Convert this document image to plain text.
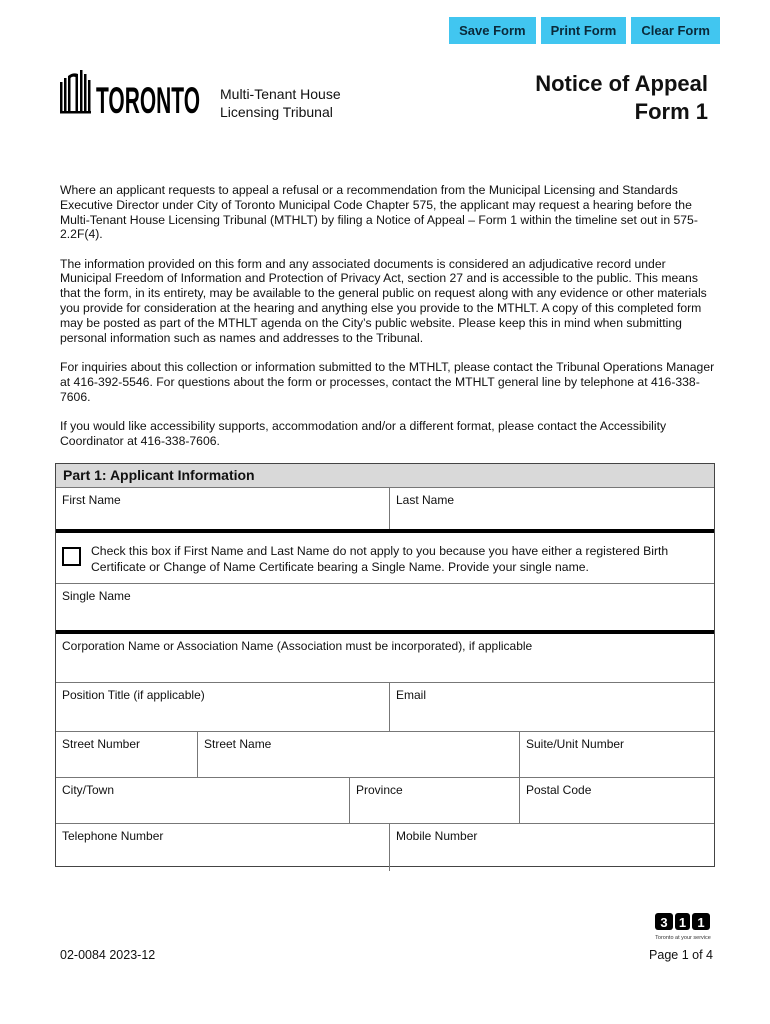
Save Form	Print Form	Clear Form
TORONTO Multi-Tenant House
Licensing Tribunal
Notice of Appeal
Form 1

Where an applicant requests to appeal a refusal or a recommendation from the Municipal Licensing and Standards Executive Director under City of Toronto Municipal Code Chapter 575, the applicant may request a hearing before the Multi-Tenant House Licensing Tribunal (MTHLT) by filing a Notice of Appeal – Form 1 within the timeline set out in 575-2.2F(4).

The information provided on this form and any associated documents is considered an adjudicative record under Municipal Freedom of Information and Protection of Privacy Act, section 27 and is accessible to the public. This means that the form, in its entirety, may be available to the general public on request along with any evidence or other materials you provide for consideration at the hearing and anything else you provide to the MTHLT. A copy of this completed form may be posted as part of the MTHLT agenda on the City’s public website. Please keep this in mind when submitting personal information such as names and addresses to the Tribunal.

For inquiries about this collection or information submitted to the MTHLT, please contact the Tribunal Operations Manager at 416-392-5546. For questions about the form or processes, contact the MTHLT general line by telephone at 416-338-7606.

If you would like accessibility supports, accommodation and/or a different format, please contact the Accessibility Coordinator at 416-338-7606.

Part 1: Applicant Information
First Name	Last Name
Check this box if First Name and Last Name do not apply to you because you have either a registered Birth Certificate or Change of Name Certificate bearing a Single Name. Provide your single name.
Single Name
Corporation Name or Association Name (Association must be incorporated), if applicable
Position Title (if applicable)	Email
Street Number	Street Name	Suite/Unit Number
City/Town	Province	Postal Code
Telephone Number	Mobile Number
3 1 1
Toronto at your service
02-0084 2023-12	Page 1 of 4
